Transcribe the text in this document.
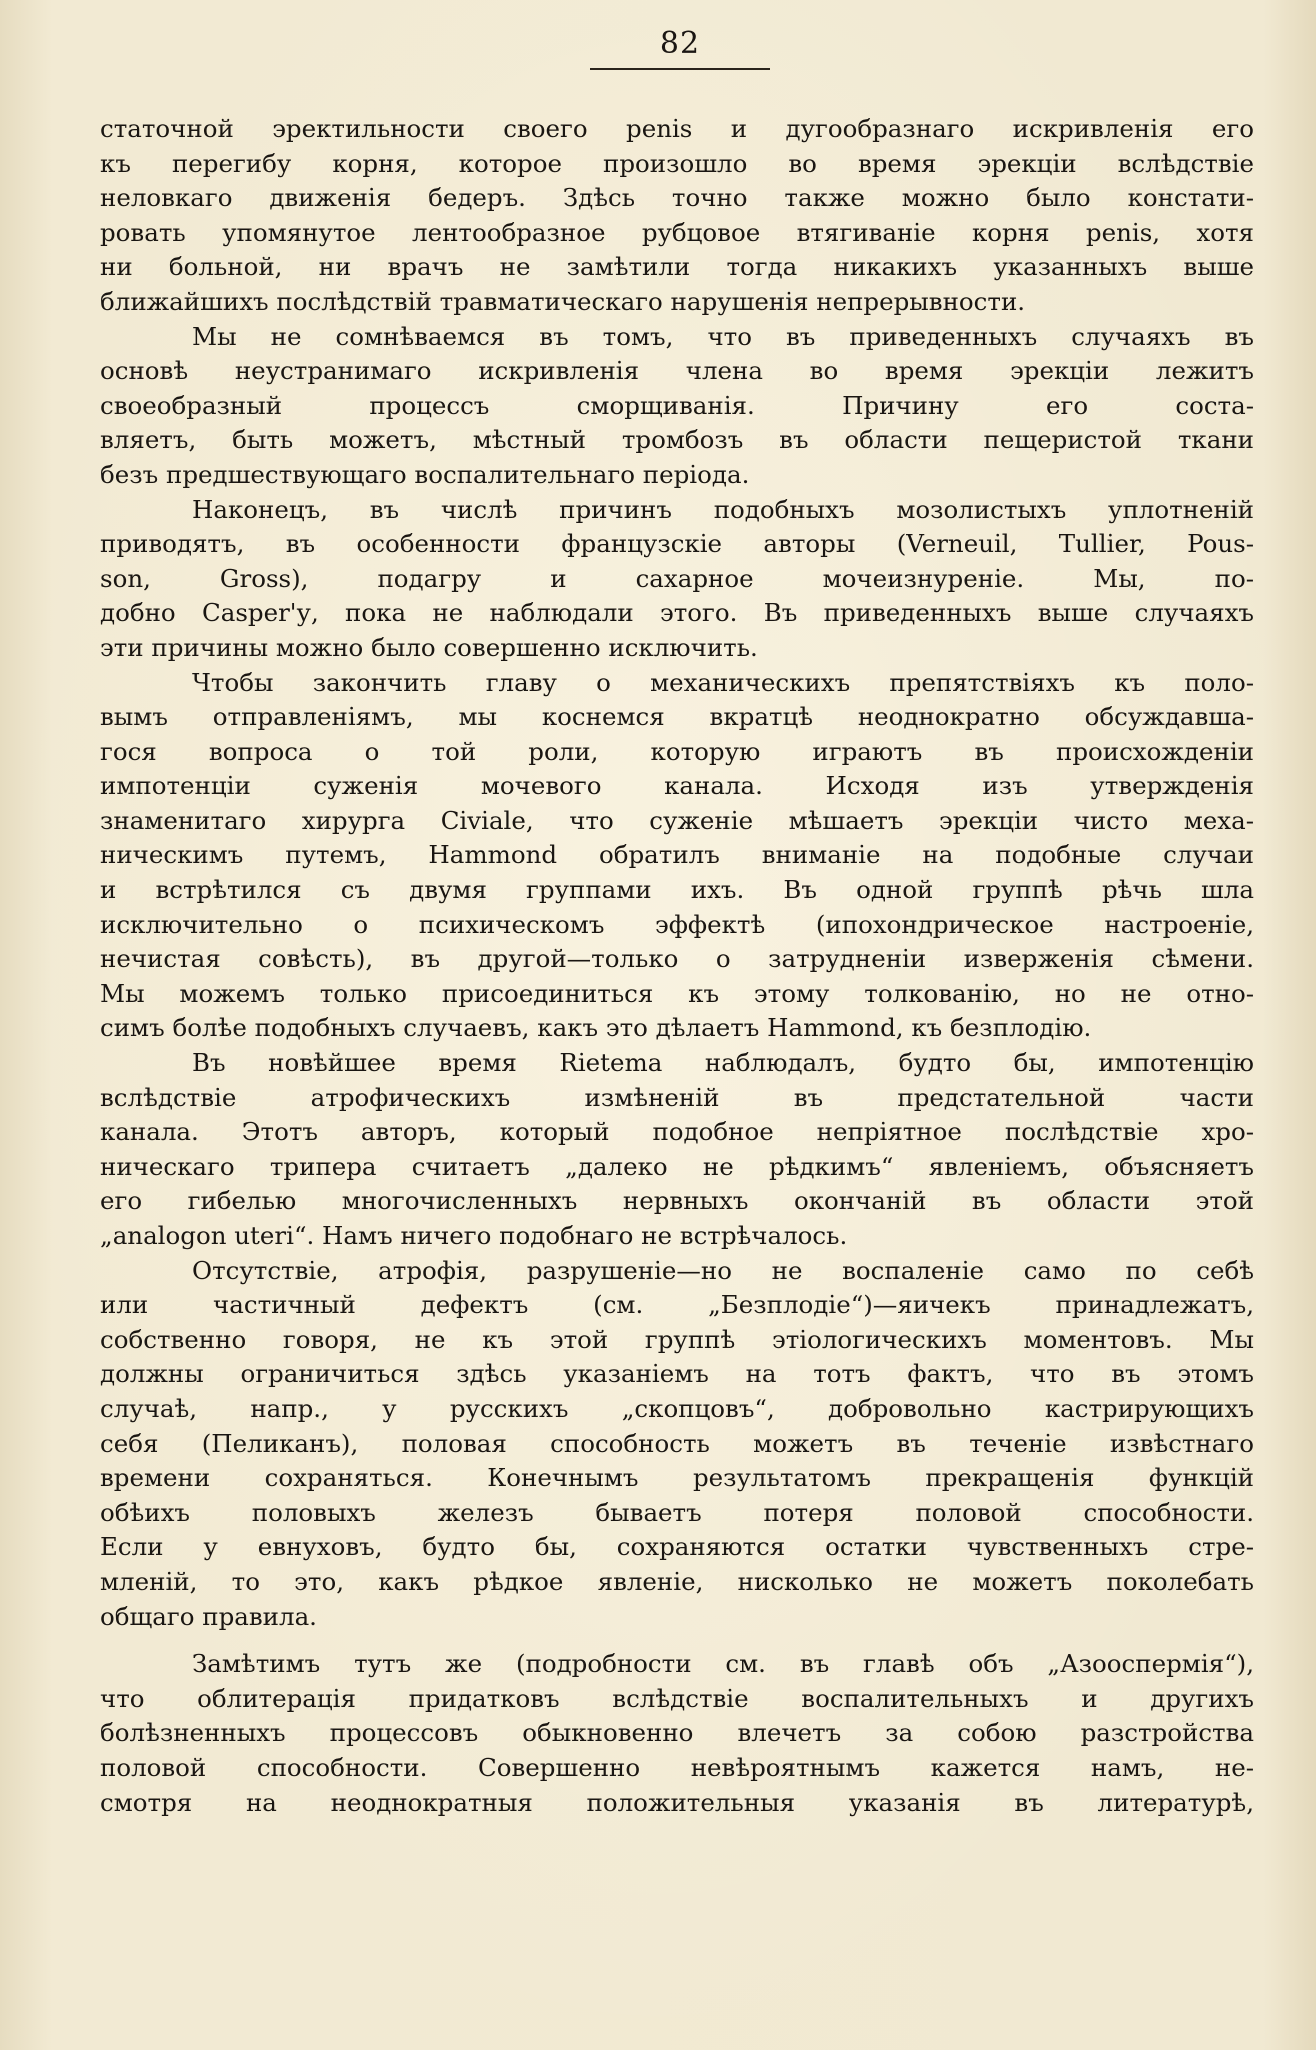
82
статочной эректильности своего penis и дугообразнаго искривленія его
къ перегибу корня, которое произошло во время эрекціи вслѣдствіе
неловкаго движенія бедеръ. Здѣсь точно также можно было констати-
ровать упомянутое лентообразное рубцовое втягиваніе корня penis, хотя
ни больной, ни врачъ не замѣтили тогда никакихъ указанныхъ выше
ближайшихъ послѣдствій травматическаго нарушенія непрерывности.
Мы не сомнѣваемся въ томъ, что въ приведенныхъ случаяхъ въ
основѣ неустранимаго искривленія члена во время эрекціи лежитъ
своеобразный процессъ сморщиванія. Причину его соста-
вляетъ, быть можетъ, мѣстный тромбозъ въ области пещеристой ткани
безъ предшествующаго воспалительнаго періода.
Наконецъ, въ числѣ причинъ подобныхъ мозолистыхъ уплотненій
приводятъ, въ особенности французскіе авторы (Verneuil, Tullier, Pous-
son, Gross), подагру и сахарное мочеизнуреніе. Мы, по-
добно Casper'у, пока не наблюдали этого. Въ приведенныхъ выше случаяхъ
эти причины можно было совершенно исключить.
Чтобы закончить главу о механическихъ препятствіяхъ къ поло-
вымъ отправленіямъ, мы коснемся вкратцѣ неоднократно обсуждавша-
гося вопроса о той роли, которую играютъ въ происхожденіи
импотенціи суженія мочевого канала. Исходя изъ утвержденія
знаменитаго хирурга Civiale, что суженіе мѣшаетъ эрекціи чисто меха-
ническимъ путемъ, Hammond обратилъ вниманіе на подобные случаи
и встрѣтился съ двумя группами ихъ. Въ одной группѣ рѣчь шла
исключительно о психическомъ эффектѣ (ипохондрическое настроеніе,
нечистая совѣсть), въ другой—только о затрудненіи изверженія сѣмени.
Мы можемъ только присоединиться къ этому толкованію, но не отно-
симъ болѣе подобныхъ случаевъ, какъ это дѣлаетъ Hammond, къ безплодію.
Въ новѣйшее время Rietema наблюдалъ, будто бы, импотенцію
вслѣдствіе атрофическихъ измѣненій въ предстательной части
канала. Этотъ авторъ, который подобное непріятное послѣдствіе хро-
ническаго трипера считаетъ „далеко не рѣдкимъ“ явленіемъ, объясняетъ
его гибелью многочисленныхъ нервныхъ окончаній въ области этой
„analogon uteri“. Намъ ничего подобнаго не встрѣчалось.
Отсутствіе, атрофія, разрушеніе—но не воспаленіе само по себѣ
или частичный дефектъ (см. „Безплодіе“)—яичекъ принадлежатъ,
собственно говоря, не къ этой группѣ этіологическихъ моментовъ. Мы
должны ограничиться здѣсь указаніемъ на тотъ фактъ, что въ этомъ
случаѣ, напр., у русскихъ „скопцовъ“, добровольно кастрирующихъ
себя (Пеликанъ), половая способность можетъ въ теченіе извѣстнаго
времени сохраняться. Конечнымъ результатомъ прекращенія функцій
обѣихъ половыхъ железъ бываетъ потеря половой способности.
Если у евнуховъ, будто бы, сохраняются остатки чувственныхъ стре-
мленій, то это, какъ рѣдкое явленіе, нисколько не можетъ поколебать
общаго правила.
Замѣтимъ тутъ же (подробности см. въ главѣ объ „Азооспермія“),
что облитерація придатковъ вслѣдствіе воспалительныхъ и другихъ
болѣзненныхъ процессовъ обыкновенно влечетъ за собою разстройства
половой способности. Совершенно невѣроятнымъ кажется намъ, не-
смотря на неоднократныя положительныя указанія въ литературѣ,
